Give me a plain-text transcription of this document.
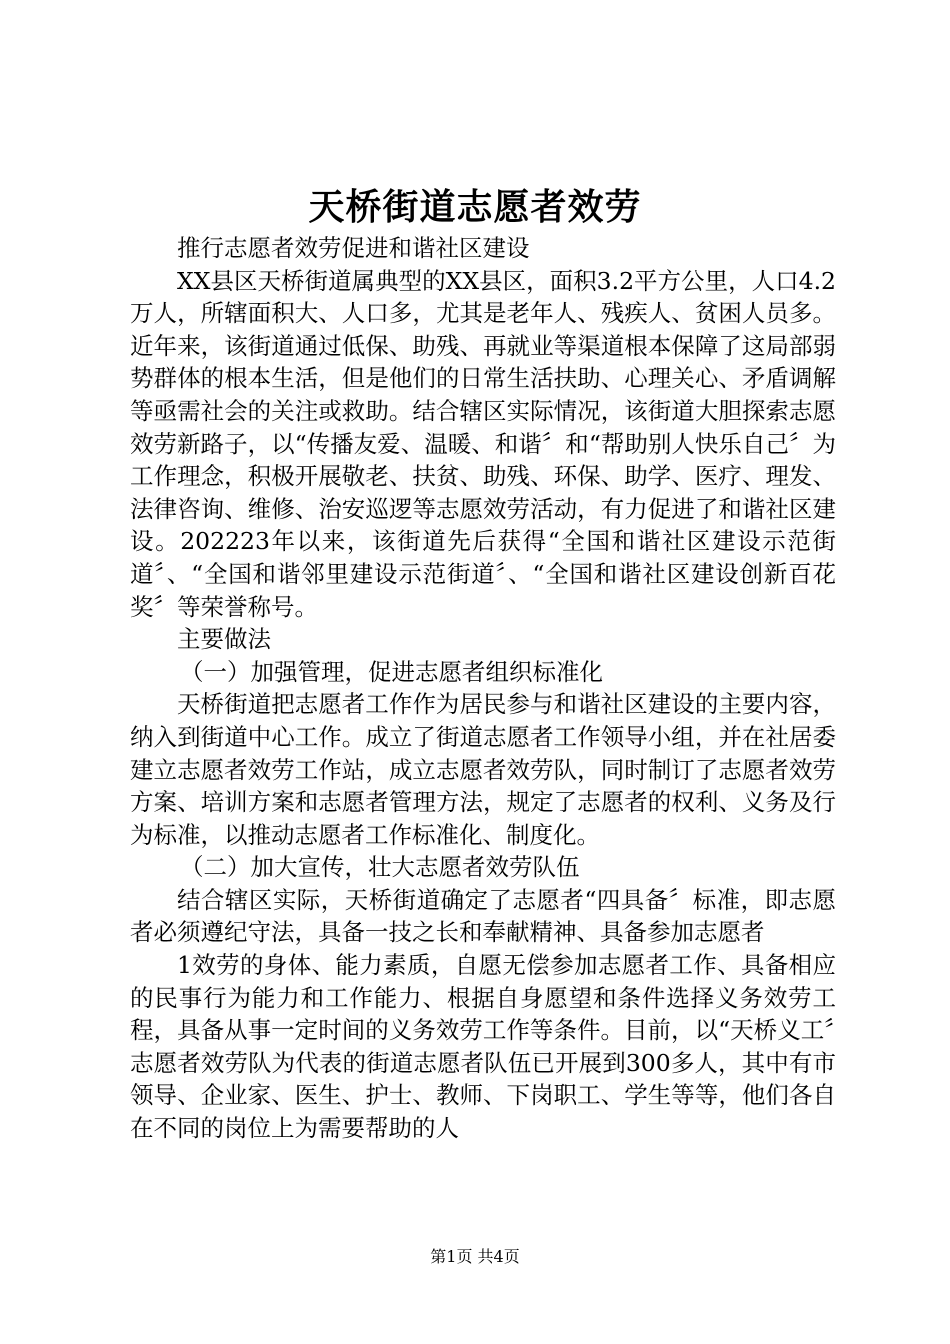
天桥街道志愿者效劳

推行志愿者效劳促进和谐社区建设

XX县区天桥街道属典型的XX县区，面积3.2平方公里，人口4.2万人，所辖面积大、人口多，尤其是老年人、残疾人、贫困人员多。近年来，该街道通过低保、助残、再就业等渠道根本保障了这局部弱势群体的根本生活，但是他们的日常生活扶助、心理关心、矛盾调解等亟需社会的关注或救助。结合辖区实际情况，该街道大胆探索志愿效劳新路子，以“传播友爱、温暖、和谐〞和“帮助别人快乐自己〞为工作理念，积极开展敬老、扶贫、助残、环保、助学、医疗、理发、法律咨询、维修、治安巡逻等志愿效劳活动，有力促进了和谐社区建设。202223年以来，该街道先后获得“全国和谐社区建设示范街道〞、“全国和谐邻里建设示范街道〞、“全国和谐社区建设创新百花奖〞等荣誉称号。

主要做法

（一）加强管理，促进志愿者组织标准化

天桥街道把志愿者工作作为居民参与和谐社区建设的主要内容，纳入到街道中心工作。成立了街道志愿者工作领导小组，并在社居委建立志愿者效劳工作站，成立志愿者效劳队，同时制订了志愿者效劳方案、培训方案和志愿者管理方法，规定了志愿者的权利、义务及行为标准，以推动志愿者工作标准化、制度化。

（二）加大宣传，壮大志愿者效劳队伍

结合辖区实际，天桥街道确定了志愿者“四具备〞标准，即志愿者必须遵纪守法，具备一技之长和奉献精神、具备参加志愿者

1效劳的身体、能力素质，自愿无偿参加志愿者工作、具备相应的民事行为能力和工作能力、根据自身愿望和条件选择义务效劳工程，具备从事一定时间的义务效劳工作等条件。目前，以“天桥义工〞志愿者效劳队为代表的街道志愿者队伍已开展到300多人，其中有市领导、企业家、医生、护士、教师、下岗职工、学生等等，他们各自在不同的岗位上为需要帮助的人

第1页 共4页
